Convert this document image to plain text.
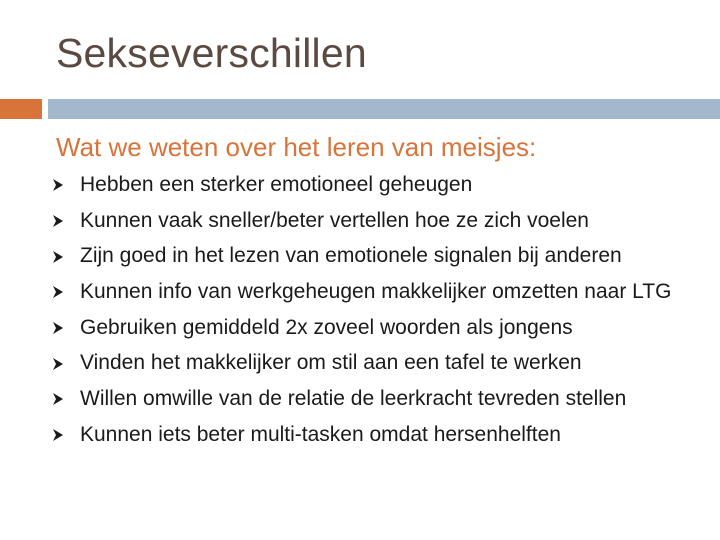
Sekseverschillen
Wat we weten over het leren van meisjes:
Hebben een sterker emotioneel geheugen
Kunnen vaak sneller/beter vertellen hoe ze zich voelen
Zijn goed in het lezen van emotionele signalen bij anderen
Kunnen info van werkgeheugen makkelijker omzetten naar LTG
Gebruiken gemiddeld 2x zoveel woorden als jongens
Vinden het makkelijker om stil aan een tafel te werken
Willen omwille van de relatie de leerkracht tevreden stellen
Kunnen iets beter multi-tasken omdat hersenhelften
